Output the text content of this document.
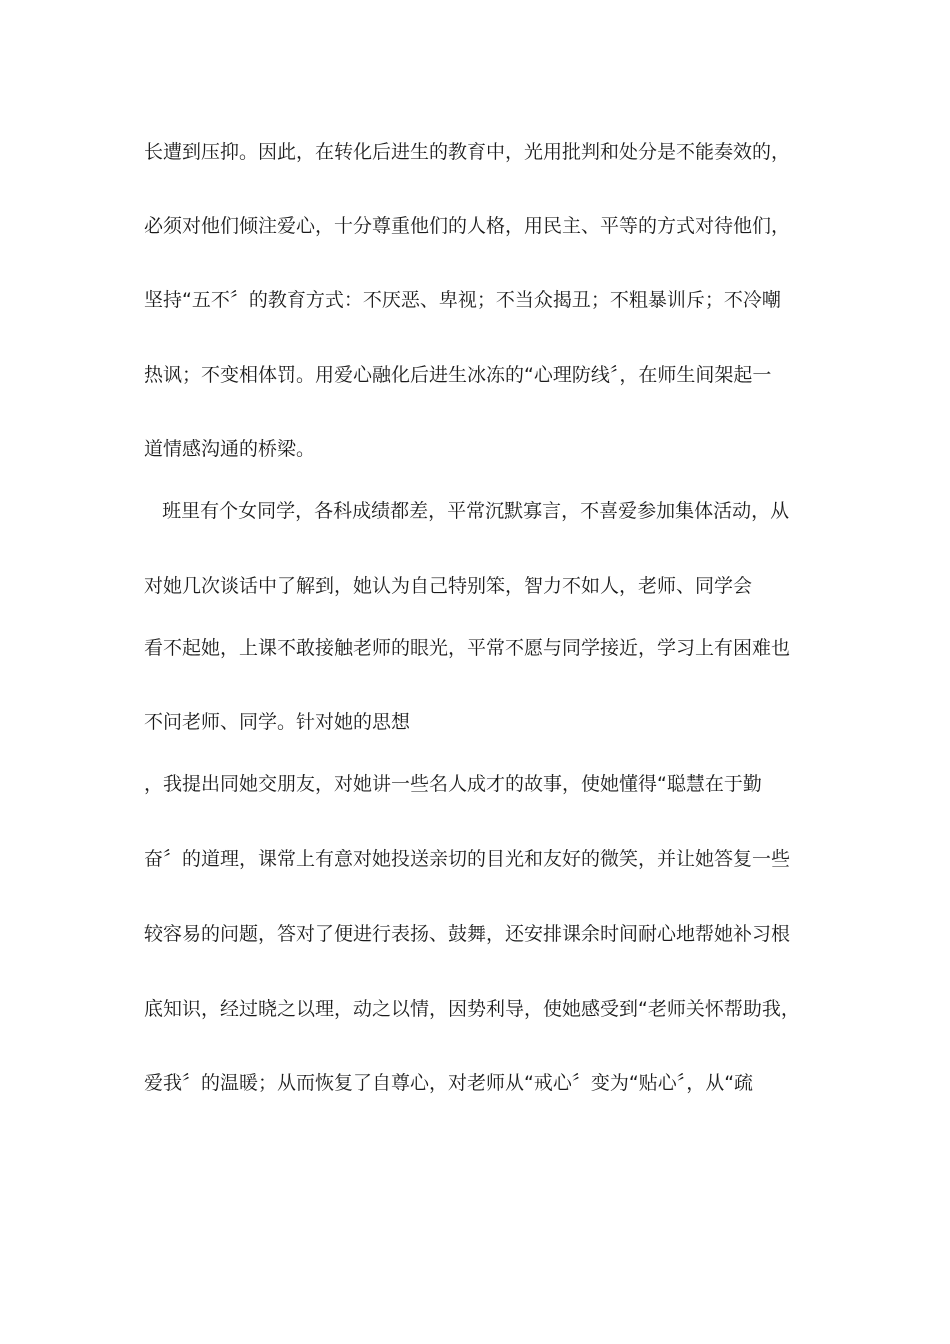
长遭到压抑。因此，在转化后进生的教育中，光用批判和处分是不能奏效的，

必须对他们倾注爱心，十分尊重他们的人格，用民主、平等的方式对待他们，

坚持“五不〞的教育方式：不厌恶、卑视；不当众揭丑；不粗暴训斥；不冷嘲

热讽；不变相体罚。用爱心融化后进生冰冻的“心理防线〞，在师生间架起一

道情感沟通的桥梁。

班里有个女同学，各科成绩都差，平常沉默寡言，不喜爱参加集体活动，从

对她几次谈话中了解到，她认为自己特别笨，智力不如人，老师、同学会

看不起她，上课不敢接触老师的眼光，平常不愿与同学接近，学习上有困难也

不问老师、同学。针对她的思想

，我提出同她交朋友，对她讲一些名人成才的故事，使她懂得“聪慧在于勤

奋〞的道理，课常上有意对她投送亲切的目光和友好的微笑，并让她答复一些

较容易的问题，答对了便进行表扬、鼓舞，还安排课余时间耐心地帮她补习根

底知识，经过晓之以理，动之以情，因势利导，使她感受到“老师关怀帮助我，

爱我〞的温暖；从而恢复了自尊心，对老师从“戒心〞变为“贴心〞，从“疏
